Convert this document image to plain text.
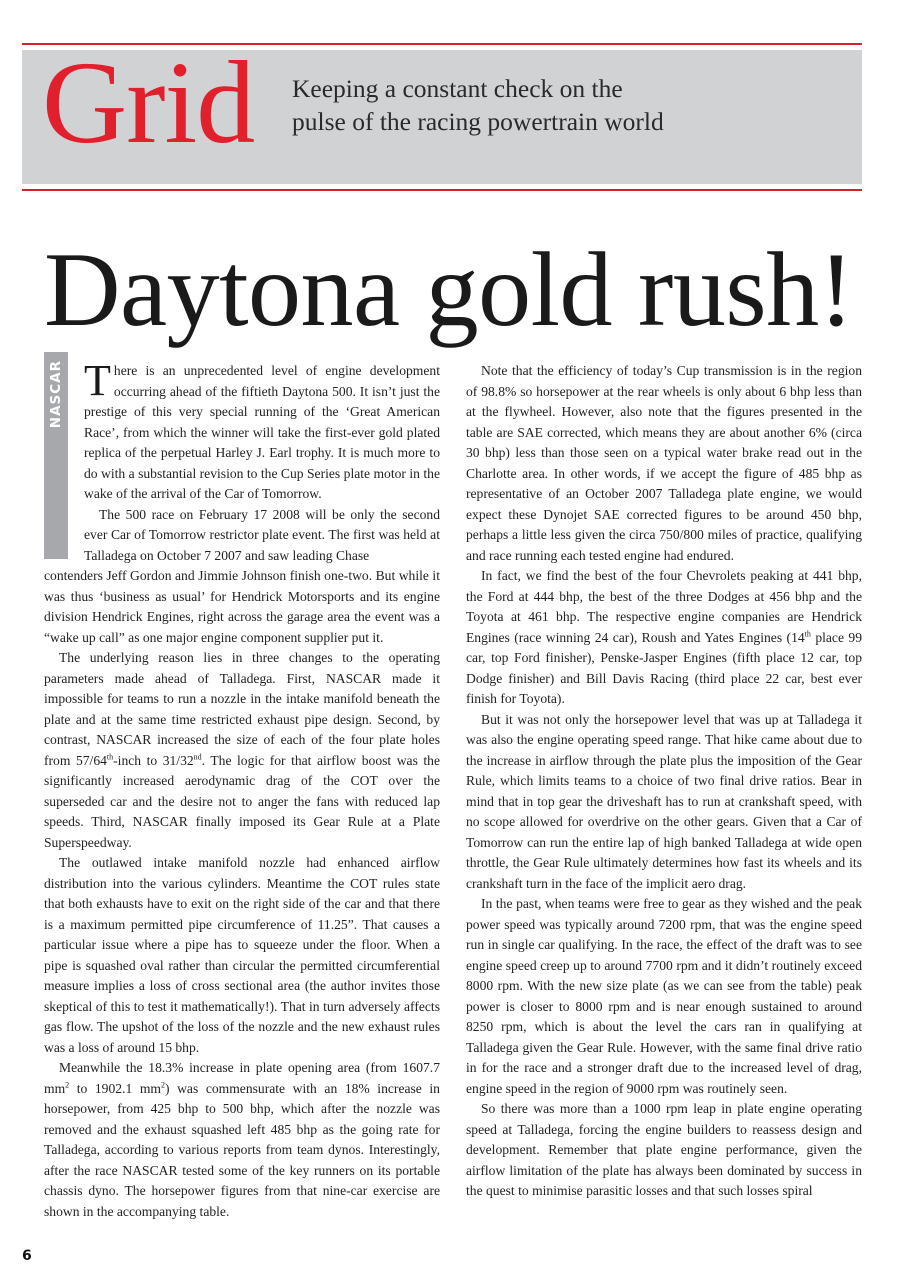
Grid Keeping a constant check on the
pulse of the racing powertrain world
Daytona gold rush!
NASCAR There is an unprecedented level of engine development occurring ahead of the fiftieth Daytona 500. It isn’t just the prestige of this very special running of the ‘Great American Race’, from which the winner will take the first-ever gold plated replica of the perpetual Harley J. Earl trophy. It is much more to do with a substantial revision to the Cup Series plate motor in the wake of the arrival of the Car of Tomorrow.

The 500 race on February 17 2008 will be only the second ever Car of Tomorrow restrictor plate event. The first was held at Talladega on October 7 2007 and saw leading Chase

contenders Jeff Gordon and Jimmie Johnson finish one-two. But while it was thus ‘business as usual’ for Hendrick Motorsports and its engine division Hendrick Engines, right across the garage area the event was a “wake up call” as one major engine component supplier put it.

The underlying reason lies in three changes to the operating parameters made ahead of Talladega. First, NASCAR made it impossible for teams to run a nozzle in the intake manifold beneath the plate and at the same time restricted exhaust pipe design. Second, by contrast, NASCAR increased the size of each of the four plate holes from 57/64th-inch to 31/32nd. The logic for that airflow boost was the significantly increased aerodynamic drag of the COT over the superseded car and the desire not to anger the fans with reduced lap speeds. Third, NASCAR finally imposed its Gear Rule at a Plate Superspeedway.

The outlawed intake manifold nozzle had enhanced airflow distribution into the various cylinders. Meantime the COT rules state that both exhausts have to exit on the right side of the car and that there is a maximum permitted pipe circumference of 11.25”. That causes a particular issue where a pipe has to squeeze under the floor. When a pipe is squashed oval rather than circular the permitted circumferential measure implies a loss of cross sectional area (the author invites those skeptical of this to test it mathematically!). That in turn adversely affects gas flow. The upshot of the loss of the nozzle and the new exhaust rules was a loss of around 15 bhp.

Meanwhile the 18.3% increase in plate opening area (from 1607.7 $mm^2$ to 1902.1 $mm^2$) was commensurate with an 18% increase in horsepower, from 425 bhp to 500 bhp, which after the nozzle was removed and the exhaust squashed left 485 bhp as the going rate for Talladega, according to various reports from team dynos. Interestingly, after the race NASCAR tested some of the key runners on its portable chassis dyno. The horsepower figures from that nine-car exercise are shown in the accompanying table.

Note that the efficiency of today’s Cup transmission is in the region of 98.8% so horsepower at the rear wheels is only about 6 bhp less than at the flywheel. However, also note that the figures presented in the table are SAE corrected, which means they are about another 6% (circa 30 bhp) less than those seen on a typical water brake read out in the Charlotte area. In other words, if we accept the figure of 485 bhp as representative of an October 2007 Talladega plate engine, we would expect these Dynojet SAE corrected figures to be around 450 bhp, perhaps a little less given the circa 750/800 miles of practice, qualifying and race running each tested engine had endured.

In fact, we find the best of the four Chevrolets peaking at 441 bhp, the Ford at 444 bhp, the best of the three Dodges at 456 bhp and the Toyota at 461 bhp. The respective engine companies are Hendrick Engines (race winning 24 car), Roush and Yates Engines (14th place 99 car, top Ford finisher), Penske-Jasper Engines (fifth place 12 car, top Dodge finisher) and Bill Davis Racing (third place 22 car, best ever finish for Toyota).

But it was not only the horsepower level that was up at Talladega it was also the engine operating speed range. That hike came about due to the increase in airflow through the plate plus the imposition of the Gear Rule, which limits teams to a choice of two final drive ratios. Bear in mind that in top gear the driveshaft has to run at crankshaft speed, with no scope allowed for overdrive on the other gears. Given that a Car of Tomorrow can run the entire lap of high banked Talladega at wide open throttle, the Gear Rule ultimately determines how fast its wheels and its crankshaft turn in the face of the implicit aero drag.

In the past, when teams were free to gear as they wished and the peak power speed was typically around 7200 rpm, that was the engine speed run in single car qualifying. In the race, the effect of the draft was to see engine speed creep up to around 7700 rpm and it didn’t routinely exceed 8000 rpm. With the new size plate (as we can see from the table) peak power is closer to 8000 rpm and is near enough sustained to around 8250 rpm, which is about the level the cars ran in qualifying at Talladega given the Gear Rule. However, with the same final drive ratio in for the race and a stronger draft due to the increased level of drag, engine speed in the region of 9000 rpm was routinely seen.

So there was more than a 1000 rpm leap in plate engine operating speed at Talladega, forcing the engine builders to reassess design and development. Remember that plate engine performance, given the airflow limitation of the plate has always been dominated by success in the quest to minimise parasitic losses and that such losses spiral

6
